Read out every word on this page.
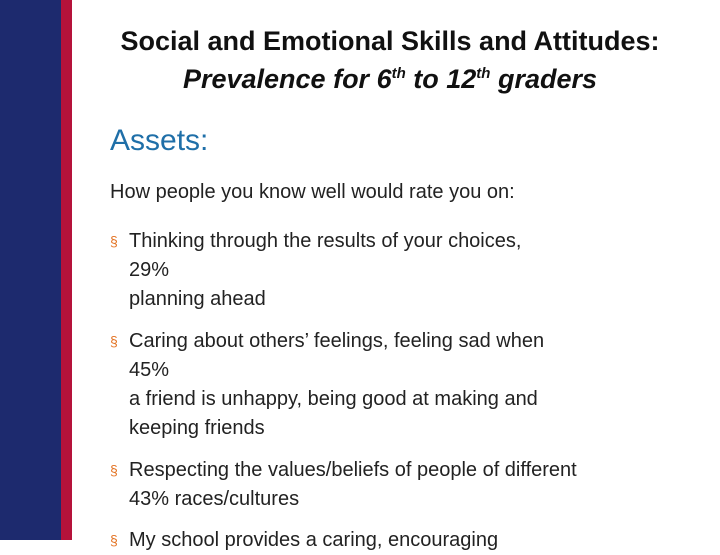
Social and Emotional Skills and Attitudes:
Prevalence for 6th to 12th graders
Assets:
How people you know well would rate you on:
§ Thinking through the results of your choices,
29%
planning ahead
§ Caring about others’ feelings, feeling sad when
45%
a friend is unhappy, being good at making and
keeping friends
§ Respecting the values/beliefs of people of different
43% races/cultures
§ My school provides a caring, encouraging
